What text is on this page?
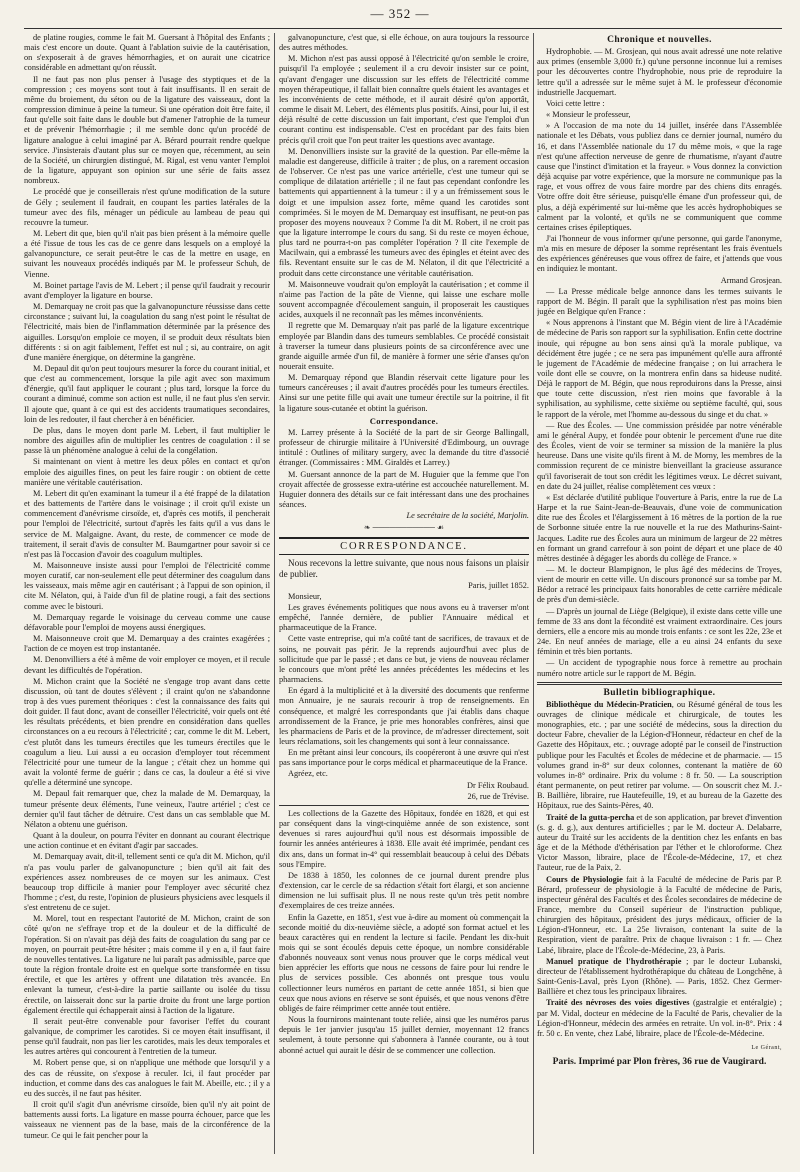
— 352 —

de platine rougies, comme le fait M. Guersant à l'hôpital des Enfants ; mais c'est encore un doute. Quant à l'ablation suivie de la cautérisation, on s'exposerait à de graves hémorrhagies, et on aurait une cicatrice considérable en admettant qu'on réussît.

Il ne faut pas non plus penser à l'usage des styptiques et de la compression ; ces moyens sont tout à fait insuffisants. Il en serait de même du broiement, du séton ou de la ligature des vaisseaux, dont la compression diminue à peine la tumeur. Si une opération doit être faite, il faut qu'elle soit faite dans le double but d'amener l'atrophie de la tumeur et de prévenir l'hémorrhagie ; il me semble donc qu'un procédé de ligature analogue à celui imaginé par A. Bérard pourrait rendre quelque service. J'insisterais d'autant plus sur ce moyen que, récemment, au sein de la Société, un chirurgien distingué, M. Rigal, est venu vanter l'emploi de la ligature, appuyant son opinion sur une série de faits assez nombreux.

Le procédé que je conseillerais n'est qu'une modification de la suture de Gély ; seulement il faudrait, en coupant les parties latérales de la tumeur avec des fils, ménager un pédicule au lambeau de peau qui recouvre la tumeur.

M. Lebert dit que, bien qu'il n'ait pas bien présent à la mémoire quelle a été l'issue de tous les cas de ce genre dans lesquels on a employé la galvanopuncture, ce serait peut-être le cas de la mettre en usage, en suivant les nouveaux procédés indiqués par M. le professeur Schuh, de Vienne.

M. Boinet partage l'avis de M. Lebert ; il pense qu'il faudrait y recourir avant d'employer la ligature en bourse.

M. Demarquay ne croit pas que la galvanopuncture réussisse dans cette circonstance ; suivant lui, la coagulation du sang n'est point le résultat de l'électricité, mais bien de l'inflammation déterminée par la présence des aiguilles. Lorsqu'on emploie ce moyen, il se produit deux résultats bien différents : si on agit faiblement, l'effet est nul ; si, au contraire, on agit d'une manière énergique, on détermine la gangrène.

M. Depaul dit qu'on peut toujours mesurer la force du courant initial, et que c'est au commencement, lorsque la pile agit avec son maximum d'énergie, qu'il faut appliquer le courant ; plus tard, lorsque la force du courant a diminué, comme son action est nulle, il ne faut plus s'en servir. Il ajoute que, quant à ce qui est des accidents traumatiques secondaires, loin de les redouter, il faut chercher à en bénéficier.

De plus, dans le moyen dont parle M. Lebert, il faut multiplier le nombre des aiguilles afin de multiplier les centres de coagulation : il se passe là un phénomène analogue à celui de la congélation.

Si maintenant on vient à mettre les deux pôles en contact et qu'on emploie des aiguilles fines, on peut les faire rougir : on obtient de cette manière une véritable cautérisation.

M. Lebert dit qu'en examinant la tumeur il a été frappé de la dilatation et des battements de l'artère dans le voisinage ; il croit qu'il existe un commencement d'anévrisme cirsoïde, et, d'après ces motifs, il pencherait pour l'emploi de l'électricité, surtout d'après les faits qu'il a vus dans le service de M. Malgaigne. Avant, du reste, de commencer ce mode de traitement, il serait d'avis de consulter M. Baumgartner pour savoir si ce n'est pas là l'occasion d'avoir des coagulum multiples.

M. Maisonneuve insiste aussi pour l'emploi de l'électricité comme moyen curatif, car non-seulement elle peut déterminer des coagulum dans les vaisseaux, mais même agir en cautérisant ; à l'appui de son opinion, il cite M. Nélaton, qui, à l'aide d'un fil de platine rougi, a fait des sections comme avec le bistouri.

M. Demarquay regarde le voisinage du cerveau comme une cause défavorable pour l'emploi de moyens aussi énergiques.

M. Maisonneuve croit que M. Demarquay a des craintes exagérées ; l'action de ce moyen est trop instantanée.

M. Denonvilliers a été à même de voir employer ce moyen, et il recule devant les difficultés de l'opération.

M. Michon craint que la Société ne s'engage trop avant dans cette discussion, où tant de doutes s'élèvent ; il craint qu'on ne s'abandonne trop à des vues purement théoriques : c'est la connaissance des faits qui doit guider. Il faut donc, avant de conseiller l'électricité, voir quels ont été les résultats précédents, et bien prendre en considération dans quelles circonstances on a eu recours à l'électricité ; car, comme le dit M. Lebert, c'est plutôt dans les tumeurs érectiles que les tumeurs érectiles que le coagulum a lieu. Lui aussi a eu occasion d'employer tout récemment l'électricité pour une tumeur de la langue ; c'était chez un homme qui avait la volonté ferme de guérir ; dans ce cas, la douleur a été si vive qu'elle a déterminé une syncope.

M. Depaul fait remarquer que, chez la malade de M. Demarquay, la tumeur présente deux éléments, l'une veineux, l'autre artériel ; c'est ce dernier qu'il faut tâcher de détruire. C'est dans un cas semblable que M. Nélaton a obtenu une guérison.

Quant à la douleur, on pourra l'éviter en donnant au courant électrique une action continue et en évitant d'agir par saccades.

M. Demarquay avait, dit-il, tellement senti ce qu'a dit M. Michon, qu'il n'a pas voulu parler de galvanopuncture ; bien qu'il ait fait des expériences assez nombreuses de ce moyen sur les animaux. C'est beaucoup trop difficile à manier pour l'employer avec sécurité chez l'homme ; c'est, du reste, l'opinion de plusieurs physiciens avec lesquels il s'est entretenu de ce sujet.

M. Morel, tout en respectant l'autorité de M. Michon, craint de son côté qu'on ne s'effraye trop et de la douleur et de la difficulté de l'opération. Si on n'avait pas déjà des faits de coagulation du sang par ce moyen, on pourrait peut-être hésiter ; mais comme il y en a, il faut faire de nouvelles tentatives. La ligature ne lui paraît pas admissible, parce que toute la région frontale droite est en quelque sorte transformée en tissu érectile, et que les artères y offrent une dilatation très avancée. En enlevant la tumeur, c'est-à-dire la partie saillante ou isolée du tissu érectile, on laisserait donc sur la partie droite du front une large portion également érectile qui échapperait ainsi à l'action de la ligature.

Il serait peut-être convenable pour favoriser l'effet du courant galvanique, de comprimer les carotides. Si ce moyen était insuffisant, il pense qu'il faudrait, non pas lier les carotides, mais les deux temporales et les autres artères qui concourent à l'entretien de la tumeur.

M. Robert pense que, si on n'applique une méthode que lorsqu'il y a des cas de réussite, on s'expose à reculer. Ici, il faut procéder par induction, et comme dans des cas analogues le fait M. Abeille, etc. ; il y a eu des succès, il ne faut pas hésiter.

Il croit qu'il s'agit d'un anévrisme cirsoïde, bien qu'il n'y ait point de battements aussi forts. La ligature en masse pourra échouer, parce que les vaisseaux ne viennent pas de la base, mais de la circonférence de la tumeur. Ce qui le fait pencher pour la

galvanopuncture, c'est que, si elle échoue, on aura toujours la ressource des autres méthodes.

M. Michon n'est pas aussi opposé à l'électricité qu'on semble le croire, puisqu'il l'a employée ; seulement il a cru devoir insister sur ce point, qu'avant d'engager une discussion sur les effets de l'électricité comme moyen thérapeutique, il fallait bien connaître quels étaient les avantages et les inconvénients de cette méthode, et il aurait désiré qu'on apportât, comme le disait M. Lebert, des éléments plus positifs. Ainsi, pour lui, il est déjà résulté de cette discussion un fait important, c'est que l'emploi d'un courant continu est indispensable. C'est en procédant par des faits bien précis qu'il croit que l'on peut traiter les questions avec avantage.

M. Denonvilliers insiste sur la gravité de la question. Par elle-même la maladie est dangereuse, difficile à traiter ; de plus, on a rarement occasion de l'observer. Ce n'est pas une varice artérielle, c'est une tumeur qui se complique de dilatation artérielle ; il ne faut pas cependant confondre les battements qui appartiennent à la tumeur : il y a un frémissement sous le doigt et une impulsion assez forte, même quand les carotides sont comprimées. Si le moyen de M. Demarquay est insuffisant, ne peut-on pas proposer des moyens nouveaux ? Comme l'a dit M. Robert, il ne croit pas que la ligature interrompe le cours du sang. Si du reste ce moyen échoue, plus tard ne pourra-t-on pas compléter l'opération ? Il cite l'exemple de Macilwain, qui a embrassé les tumeurs avec des épingles et éteint avec des fils. Reventant ensuite sur le cas de M. Nélaton, il dit que l'électricité a produit dans cette circonstance une véritable cautérisation.

M. Maisonneuve voudrait qu'on employât la cautérisation ; et comme il n'aime pas l'action de la pâte de Vienne, qui laisse une eschare molle souvent accompagnée d'écoulement sanguin, il proposerait les caustiques acides, auxquels il ne reconnaît pas les mêmes inconvénients.

Il regrette que M. Demarquay n'ait pas parlé de la ligature excentrique employée par Blandin dans des tumeurs semblables. Ce procédé consistait à traverser la tumeur dans plusieurs points de sa circonférence avec une grande aiguille armée d'un fil, de manière à former une série d'anses qu'on nouerait ensuite.

M. Demarquay répond que Blandin réservait cette ligature pour les tumeurs cancéreuses ; il avait d'autres procédés pour les tumeurs érectiles. Ainsi sur une petite fille qui avait une tumeur érectile sur la poitrine, il fit la ligature sous-cutanée et obtint la guérison.

Correspondance.

M. Larrey présente à la Société de la part de sir George Ballingall, professeur de chirurgie militaire à l'Université d'Edimbourg, un ouvrage intitulé : Outlines of military surgery, avec la demande du titre d'associé étranger. (Commissaires : MM. Giraldès et Larrey.)

M. Guersant annonce de la part de M. Huguier que la femme que l'on croyait affectée de grossesse extra-utérine est accouchée naturellement. M. Huguier donnera des détails sur ce fait intéressant dans une des prochaines séances.

Le secrétaire de la société, Marjolin.

❧ ─────────── ☙
CORRESPONDANCE.

Nous recevons la lettre suivante, que nous nous faisons un plaisir de publier.

Paris, juillet 1852.

Monsieur,

Les graves événements politiques que nous avons eu à traverser m'ont empêché, l'année dernière, de publier l'Annuaire médical et pharmaceutique de la France.

Cette vaste entreprise, qui m'a coûté tant de sacrifices, de travaux et de soins, ne pouvait pas périr. Je la reprends aujourd'hui avec plus de sollicitude que par le passé ; et dans ce but, je viens de nouveau réclamer le concours que m'ont prêté les années précédentes les médecins et les pharmaciens.

En égard à la multiplicité et à la diversité des documents que renferme mon Annuaire, je ne saurais recourir à trop de renseignements. En conséquence, et malgré les correspondants que j'ai établis dans chaque arrondissement de la France, je prie mes honorables confrères, ainsi que les pharmaciens de Paris et de la province, de m'adresser directement, soit leurs réclamations, soit les changements qui sont à leur connaissance.

En me prêtant ainsi leur concours, ils coopéreront à une œuvre qui n'est pas sans importance pour le corps médical et pharmaceutique de la France.

Agréez, etc.

Dr Félix Roubaud.

26, rue de Trévise.

Les collections de la Gazette des Hôpitaux, fondée en 1828, et qui est par conséquent dans la vingt-cinquième année de son existence, sont devenues si rares aujourd'hui qu'il nous est désormais impossible de fournir les années antérieures à 1838. Elle avait été imprimée, pendant ces dix ans, dans un format in-4° qui ressemblait beaucoup à celui des Débats sous l'Empire.

De 1838 à 1850, les colonnes de ce journal durent prendre plus d'extension, car le cercle de sa rédaction s'était fort élargi, et son ancienne dimension ne lui suffisait plus. Il ne nous reste qu'un très petit nombre d'exemplaires de ces treize années.

Enfin la Gazette, en 1851, s'est vue à-dire au moment où commençait la seconde moitié du dix-neuvième siècle, a adopté son format actuel et les beaux caractères qui en rendent la lecture si facile. Pendant les dix-huit mois qui se sont écoulés depuis cette époque, un nombre considérable d'abonnés nouveaux sont venus nous prouver que le corps médical veut bien apprécier les efforts que nous ne cessons de faire pour lui rendre le plus de services possible. Ces abonnés ont presque tous voulu collectionner leurs numéros en partant de cette année 1851, si bien que ceux que nous avions en réserve se sont épuisés, et que nous venons d'être obligés de faire réimprimer cette année tout entière.

Nous la fournirons maintenant toute reliée, ainsi que les numéros parus depuis le 1er janvier jusqu'au 15 juillet dernier, moyennant 12 francs seulement, à toute personne qui s'abonnera à l'année courante, ou à tout abonné actuel qui aurait le désir de se commencer une collection.

Chronique et nouvelles.

Hydrophobie. — M. Grosjean, qui nous avait adressé une note relative aux primes (ensemble 3,000 fr.) qu'une personne inconnue lui a remises pour les découvertes contre l'hydrophobie, nous prie de reproduire la lettre qu'il a adressée sur le même sujet à M. le professeur d'économie industrielle Jacquemart.

Voici cette lettre :

« Monsieur le professeur,

» A l'occasion de ma note du 14 juillet, insérée dans l'Assemblée nationale et les Débats, vous publiez dans ce dernier journal, numéro du 16, et dans l'Assemblée nationale du 17 du même mois, « que la rage n'est qu'une affection nerveuse de genre de rhumatisme, n'ayant d'autre cause que l'instinct d'imitation et la frayeur. » Vous donnez la conviction déjà acquise par votre expérience, que la morsure ne communique pas la rage, et vous offrez de vous faire mordre par des chiens dits enragés. Votre offre doit être sérieuse, puisqu'elle émane d'un professeur qui, de plus, a déjà expérimenté sur lui-même que les accès hydrophobiques se calment par la volonté, et qu'ils ne se communiquent que comme certaines crises épileptiques.

J'ai l'honneur de vous informer qu'une personne, qui garde l'anonyme, m'a mis en mesure de déposer la somme représentant les frais éventuels des expériences généreuses que vous offrez de faire, et j'attends que vous en indiquiez le montant.

Armand Grosjean.

— La Presse médicale belge annonce dans les termes suivants le rapport de M. Bégin. Il paraît que la syphilisation n'est pas moins bien jugée en Belgique qu'en France :

« Nous apprenons à l'instant que M. Bégin vient de lire à l'Académie de médecine de Paris son rapport sur la syphilisation. Enfin cette doctrine inouïe, qui répugne au bon sens ainsi qu'à la morale publique, va décidément être jugée ; ce ne sera pas impunément qu'elle aura affronté le jugement de l'Académie de médecine française ; on lui arrachera le voile dont elle se couvre, on la montrera enfin dans sa hideuse nudité. Déjà le rapport de M. Bégin, que nous reproduirons dans la Presse, ainsi que toute cette discussion, n'est rien moins que favorable à la syphilisation, au syphilisme, cette sixième ou septième faculté, qui, sous le rapport de la vérole, met l'homme au-dessous du singe et du chat. »

— Rue des Écoles. — Une commission présidée par notre vénérable ami le général Aupy, et fondée pour obtenir le percement d'une rue dite des Écoles, vient de voir se terminer sa mission de la manière la plus heureuse. Dans une visite qu'ils firent à M. de Morny, les membres de la commission reçurent de ce ministre bienveillant la gracieuse assurance qu'il favoriserait de tout son crédit les légitimes vœux. Le décret suivant, en date du 24 juillet, réalise complètement ces vœux :

« Est déclarée d'utilité publique l'ouverture à Paris, entre la rue de La Harpe et la rue Saint-Jean-de-Beauvais, d'une voie de communication dite rue des Écoles et l'élargissement à 16 mètres de la portion de la rue de Sorbonne située entre la rue nouvelle et la rue des Mathurins-Saint-Jacques. Ladite rue des Écoles aura un minimum de largeur de 22 mètres en formant un grand carrefour à son point de départ et une place de 40 mètres destinée à dégager les abords du collège de France. »

— M. le docteur Blampignon, le plus âgé des médecins de Troyes, vient de mourir en cette ville. Un discours prononcé sur sa tombe par M. Bédor a retracé les principaux faits honorables de cette carrière médicale de près d'un demi-siècle.

— D'après un journal de Liège (Belgique), il existe dans cette ville une femme de 33 ans dont la fécondité est vraiment extraordinaire. Ces jours derniers, elle a encore mis au monde trois enfants : ce sont les 22e, 23e et 24e. En neuf années de mariage, elle a eu ainsi 24 enfants du sexe féminin et très bien portants.

— Un accident de typographie nous force à remettre au prochain numéro notre article sur le rapport de M. Bégin.

Bulletin bibliographique.

Bibliothèque du Médecin-Praticien, ou Résumé général de tous les ouvrages de clinique médicale et chirurgicale, de toutes les monographies, etc. ; par une société de médecins, sous la direction du docteur Fabre, chevalier de la Légion-d'Honneur, rédacteur en chef de la Gazette des Hôpitaux, etc. ; ouvrage adopté par le conseil de l'instruction publique pour les Facultés et Écoles de médecine et de pharmacie. — 15 volumes grand in-8° sur deux colonnes, contenant la matière de 60 volumes in-8° ordinaire. Prix du volume : 8 fr. 50. — La souscription étant permanente, on peut retirer par volume. — On souscrit chez M. J.-B. Baillière, libraire, rue Hautefeuille, 19, et au bureau de la Gazette des Hôpitaux, rue des Saints-Pères, 40.

Traité de la gutta-percha et de son application, par brevet d'invention (s. g. d. g.), aux dentures artificielles ; par le M. docteur A. Delabarre, auteur du Traité sur les accidents de la dentition chez les enfants en bas âge et de la Méthode d'éthérisation par l'éther et le chloroforme. Chez Victor Masson, libraire, place de l'École-de-Médecine, 17, et chez l'auteur, rue de la Paix, 2.

Cours de Physiologie fait à la Faculté de médecine de Paris par P. Bérard, professeur de physiologie à la Faculté de médecine de Paris, inspecteur général des Facultés et des Écoles secondaires de médecine de France, membre du Conseil supérieur de l'instruction publique, chirurgien des hôpitaux, président des jurys médicaux, officier de la Légion-d'Honneur, etc. La 25e livraison, contenant la suite de la Respiration, vient de paraître. Prix de chaque livraison : 1 fr. — Chez Labé, libraire, place de l'École-de-Médecine, 23, à Paris.

Manuel pratique de l'hydrothérapie ; par le docteur Lubanski, directeur de l'établissement hydrothérapique du château de Longchêne, à Saint-Genis-Laval, près Lyon (Rhône). — Paris, 1852. Chez Germer-Baillière et chez tous les principaux libraires.

Traité des névroses des voies digestives (gastralgie et entéralgie) ; par M. Vidal, docteur en médecine de la Faculté de Paris, chevalier de la Légion-d'Honneur, médecin des armées en retraite. Un vol. in-8°. Prix : 4 fr. 50 c. En vente, chez Labé, libraire, place de l'École-de-Médecine.

Le Gérant,
Paris. Imprimé par Plon frères, 36 rue de Vaugirard.
